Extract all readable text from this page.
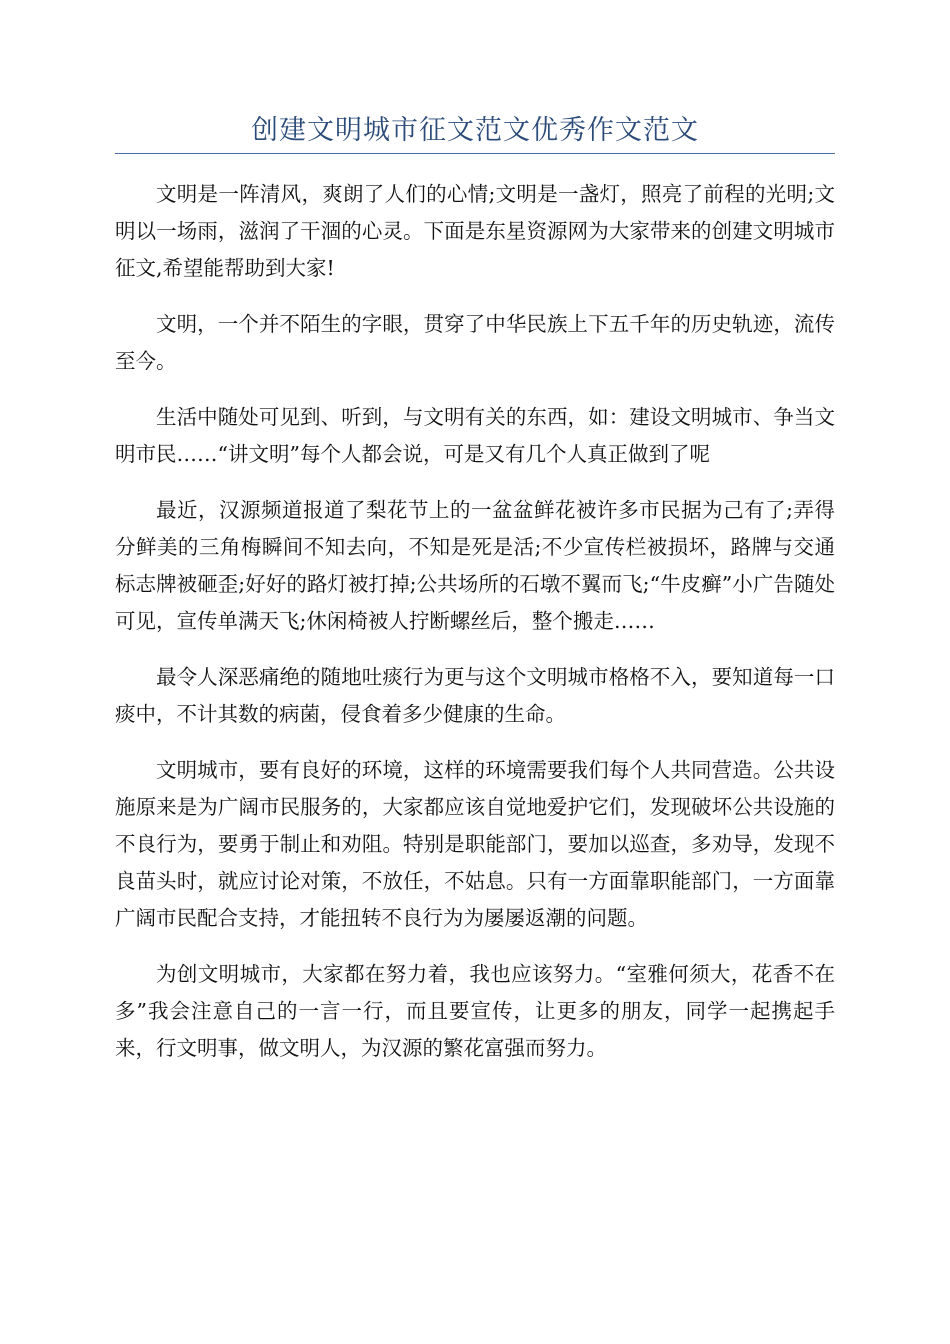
创建文明城市征文范文优秀作文范文

文明是一阵清风，爽朗了人们的心情;文明是一盏灯，照亮了前程的光明;文明以一场雨，滋润了干涸的心灵。下面是东星资源网为大家带来的创建文明城市征文,希望能帮助到大家!

文明，一个并不陌生的字眼，贯穿了中华民族上下五千年的历史轨迹，流传至今。

生活中随处可见到、听到，与文明有关的东西，如：建设文明城市、争当文明市民……“讲文明”每个人都会说，可是又有几个人真正做到了呢

最近，汉源频道报道了梨花节上的一盆盆鲜花被许多市民据为己有了;弄得分鲜美的三角梅瞬间不知去向，不知是死是活;不少宣传栏被损坏，路牌与交通标志牌被砸歪;好好的路灯被打掉;公共场所的石墩不翼而飞;“牛皮癣”小广告随处可见，宣传单满天飞;休闲椅被人拧断螺丝后，整个搬走……

最令人深恶痛绝的随地吐痰行为更与这个文明城市格格不入，要知道每一口痰中，不计其数的病菌，侵食着多少健康的生命。

文明城市，要有良好的环境，这样的环境需要我们每个人共同营造。公共设施原来是为广阔市民服务的，大家都应该自觉地爱护它们，发现破坏公共设施的不良行为，要勇于制止和劝阻。特别是职能部门，要加以巡查，多劝导，发现不良苗头时，就应讨论对策，不放任，不姑息。只有一方面靠职能部门，一方面靠广阔市民配合支持，才能扭转不良行为为屡屡返潮的问题。

为创文明城市，大家都在努力着，我也应该努力。“室雅何须大，花香不在多”我会注意自己的一言一行，而且要宣传，让更多的朋友，同学一起携起手来，行文明事，做文明人，为汉源的繁花富强而努力。
